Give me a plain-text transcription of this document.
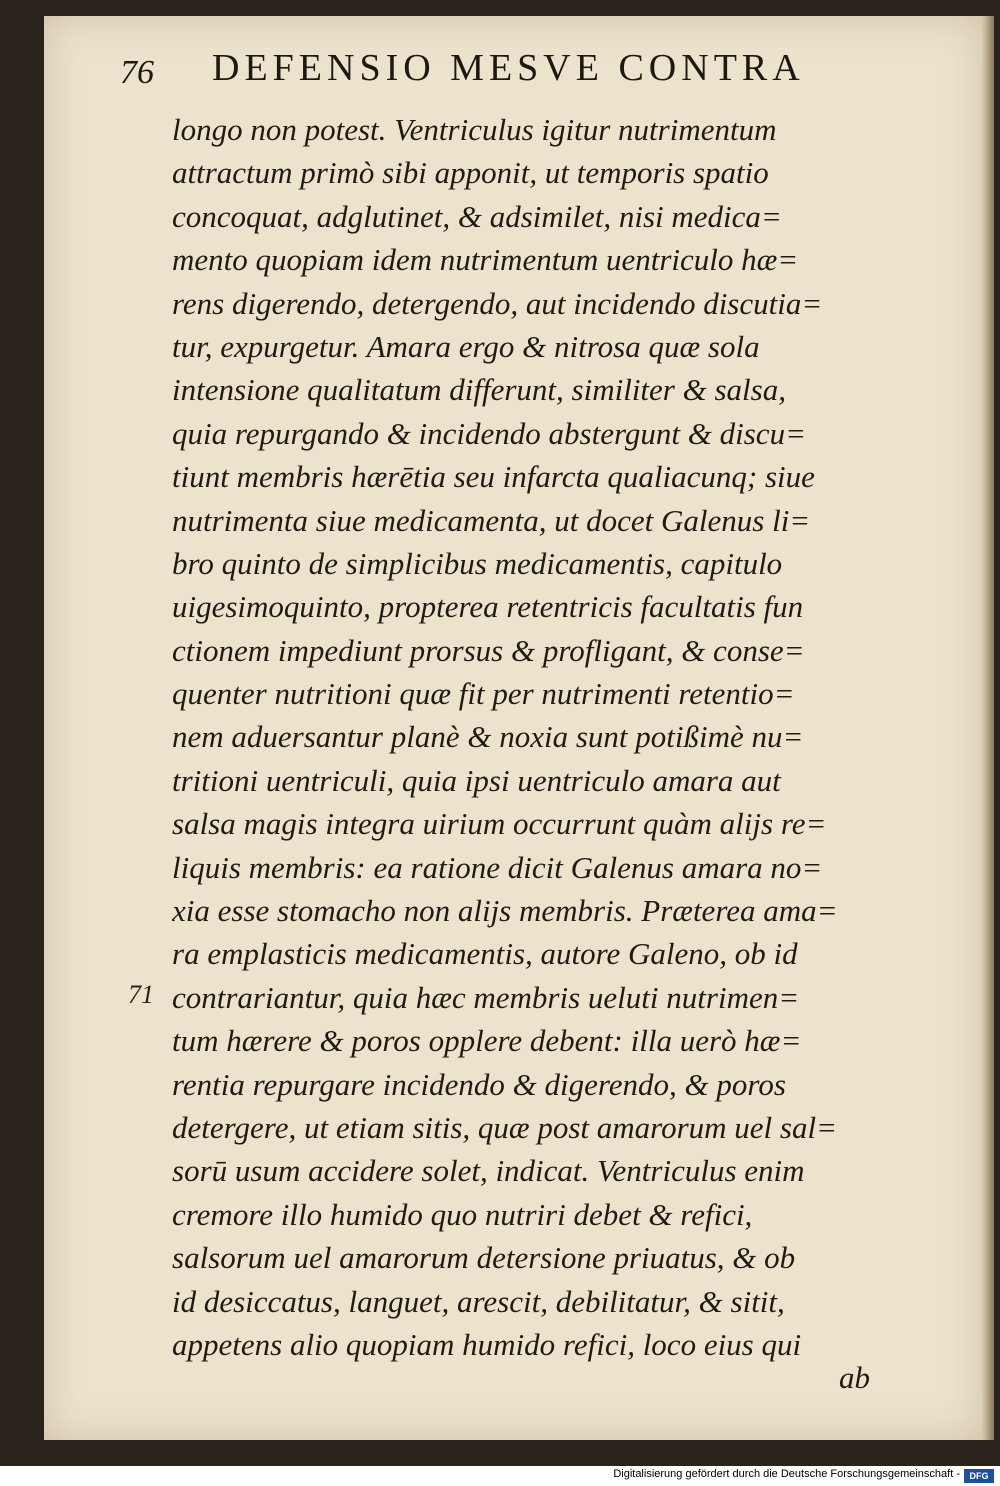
76 DEFENSIO MESVE CONTRA
longo non potest. Ventriculus igitur nutrimentum
attractum primò sibi apponit, ut temporis spatio
concoquat, adglutinet, & adsimilet, nisi medica=
mento quopiam idem nutrimentum uentriculo hæ=
rens digerendo, detergendo, aut incidendo discutia=
tur, expurgetur. Amara ergo & nitrosa quæ sola
intensione qualitatum differunt, similiter & salsa,
quia repurgando & incidendo abstergunt & discu=
tiunt membris hærētia seu infarcta qualiacunq; siue
nutrimenta siue medicamenta, ut docet Galenus li=
bro quinto de simplicibus medicamentis, capitulo
uigesimoquinto, propterea retentricis facultatis fun
ctionem impediunt prorsus & profligant, & conse=
quenter nutritioni quæ fit per nutrimenti retentio=
nem aduersantur planè & noxia sunt potißimè nu=
tritioni uentriculi, quia ipsi uentriculo amara aut
salsa magis integra uirium occurrunt quàm alijs re=
liquis membris: ea ratione dicit Galenus amara no=
xia esse stomacho non alijs membris. Præterea ama=
ra emplasticis medicamentis, autore Galeno, ob id
contrariantur, quia hæc membris ueluti nutrimen=
tum hærere & poros opplere debent: illa uerò hæ=
rentia repurgare incidendo & digerendo, & poros
detergere, ut etiam sitis, quæ post amarorum uel sal=
sorū usum accidere solet, indicat. Ventriculus enim
cremore illo humido quo nutriri debet & refici,
salsorum uel amarorum detersione priuatus, & ob
id desiccatus, languet, arescit, debilitatur, & sitit,
appetens alio quopiam humido refici, loco eius qui
71
ab
Digitalisierung gefördert durch die Deutsche Forschungsgemeinschaft -	DFG
